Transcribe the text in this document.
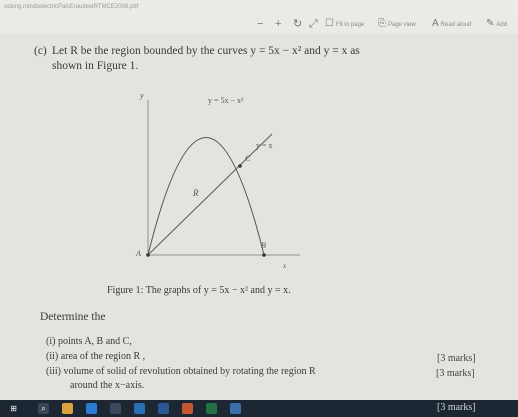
ocking.mindselectricPalsEraudestRTMCE2008.pdf
− + ↻ ⤢ ☐ Fit to page ⎘ Page view A Read aloud ✎ Add
(c) Let R be the region bounded by the curves y = 5x − x² and y = x as
shown in Figure 1.
y
y = 5x − x²
y = x
C
R
A
B
x
Figure 1: The graphs of y = 5x − x² and y = x.
Determine the
(i) points A, B and C,
(ii) area of the region R ,	[3 marks]
(iii) volume of solid of revolution obtained by rotating the region R	[3 marks]
around the x−axis.
⊞	⌕	[3 marks]
